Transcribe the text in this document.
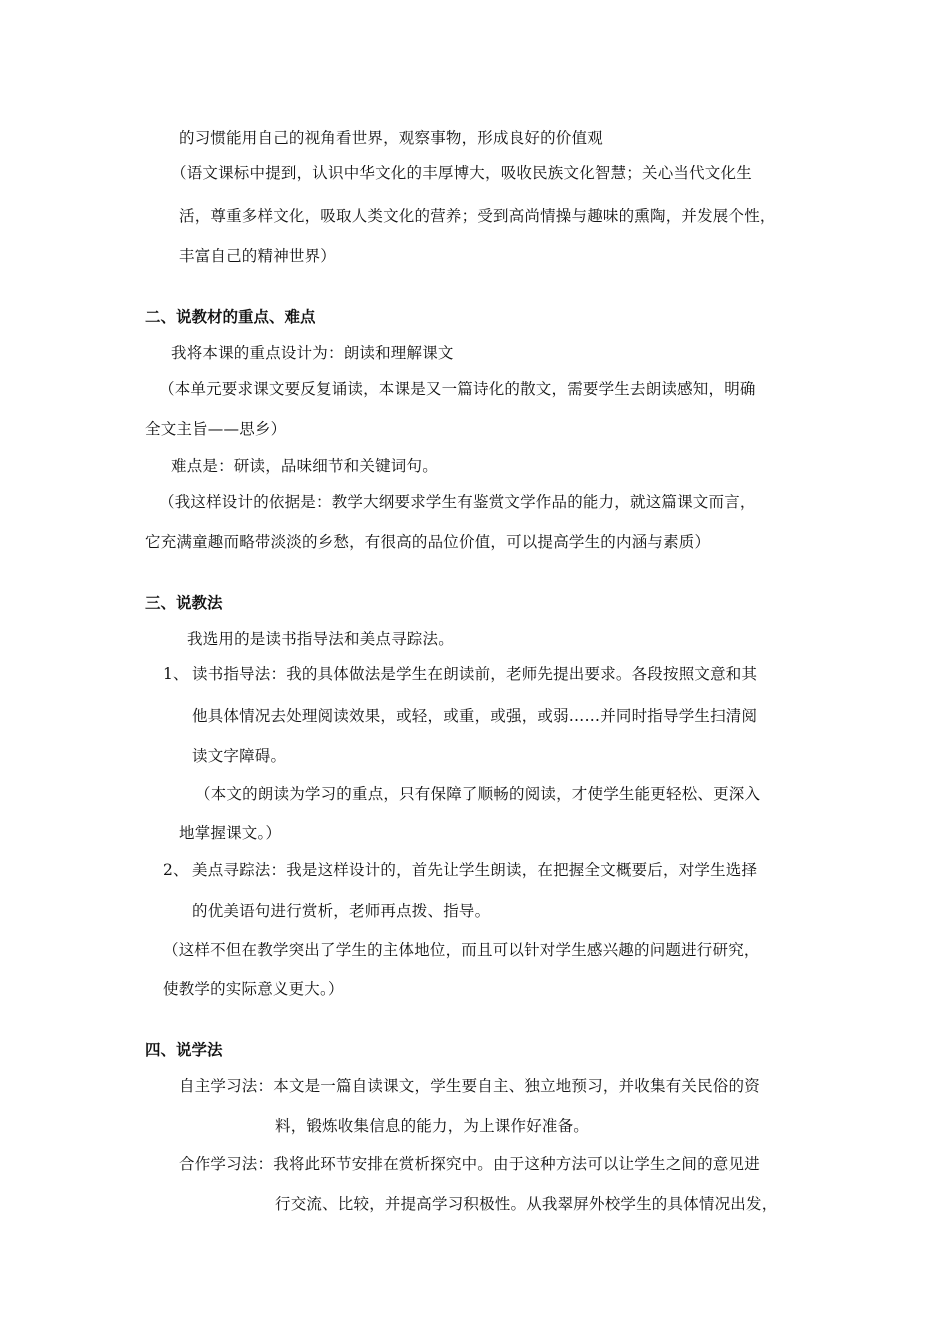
的习惯能用自己的视角看世界，观察事物，形成良好的价值观
（语文课标中提到，认识中华文化的丰厚博大，吸收民族文化智慧；关心当代文化生
活，尊重多样文化，吸取人类文化的营养；受到高尚情操与趣味的熏陶，并发展个性，
丰富自己的精神世界）
二、说教材的重点、难点
我将本课的重点设计为：朗读和理解课文
（本单元要求课文要反复诵读，本课是又一篇诗化的散文，需要学生去朗读感知，明确
全文主旨——思乡）
难点是：研读，品味细节和关键词句。
（我这样设计的依据是：教学大纲要求学生有鉴赏文学作品的能力，就这篇课文而言，
它充满童趣而略带淡淡的乡愁，有很高的品位价值，可以提高学生的内涵与素质）
三、说教法
我选用的是读书指导法和美点寻踪法。
1、 读书指导法：我的具体做法是学生在朗读前，老师先提出要求。各段按照文意和其
他具体情况去处理阅读效果，或轻，或重，或强，或弱……并同时指导学生扫清阅
读文字障碍。
（本文的朗读为学习的重点，只有保障了顺畅的阅读，才使学生能更轻松、更深入
地掌握课文。）
2、 美点寻踪法：我是这样设计的，首先让学生朗读，在把握全文概要后，对学生选择
的优美语句进行赏析，老师再点拨、指导。
（这样不但在教学突出了学生的主体地位，而且可以针对学生感兴趣的问题进行研究，
使教学的实际意义更大。）
四、说学法
自主学习法：本文是一篇自读课文，学生要自主、独立地预习，并收集有关民俗的资
料，锻炼收集信息的能力，为上课作好准备。
合作学习法：我将此环节安排在赏析探究中。由于这种方法可以让学生之间的意见进
行交流、比较，并提高学习积极性。从我翠屏外校学生的具体情况出发，
